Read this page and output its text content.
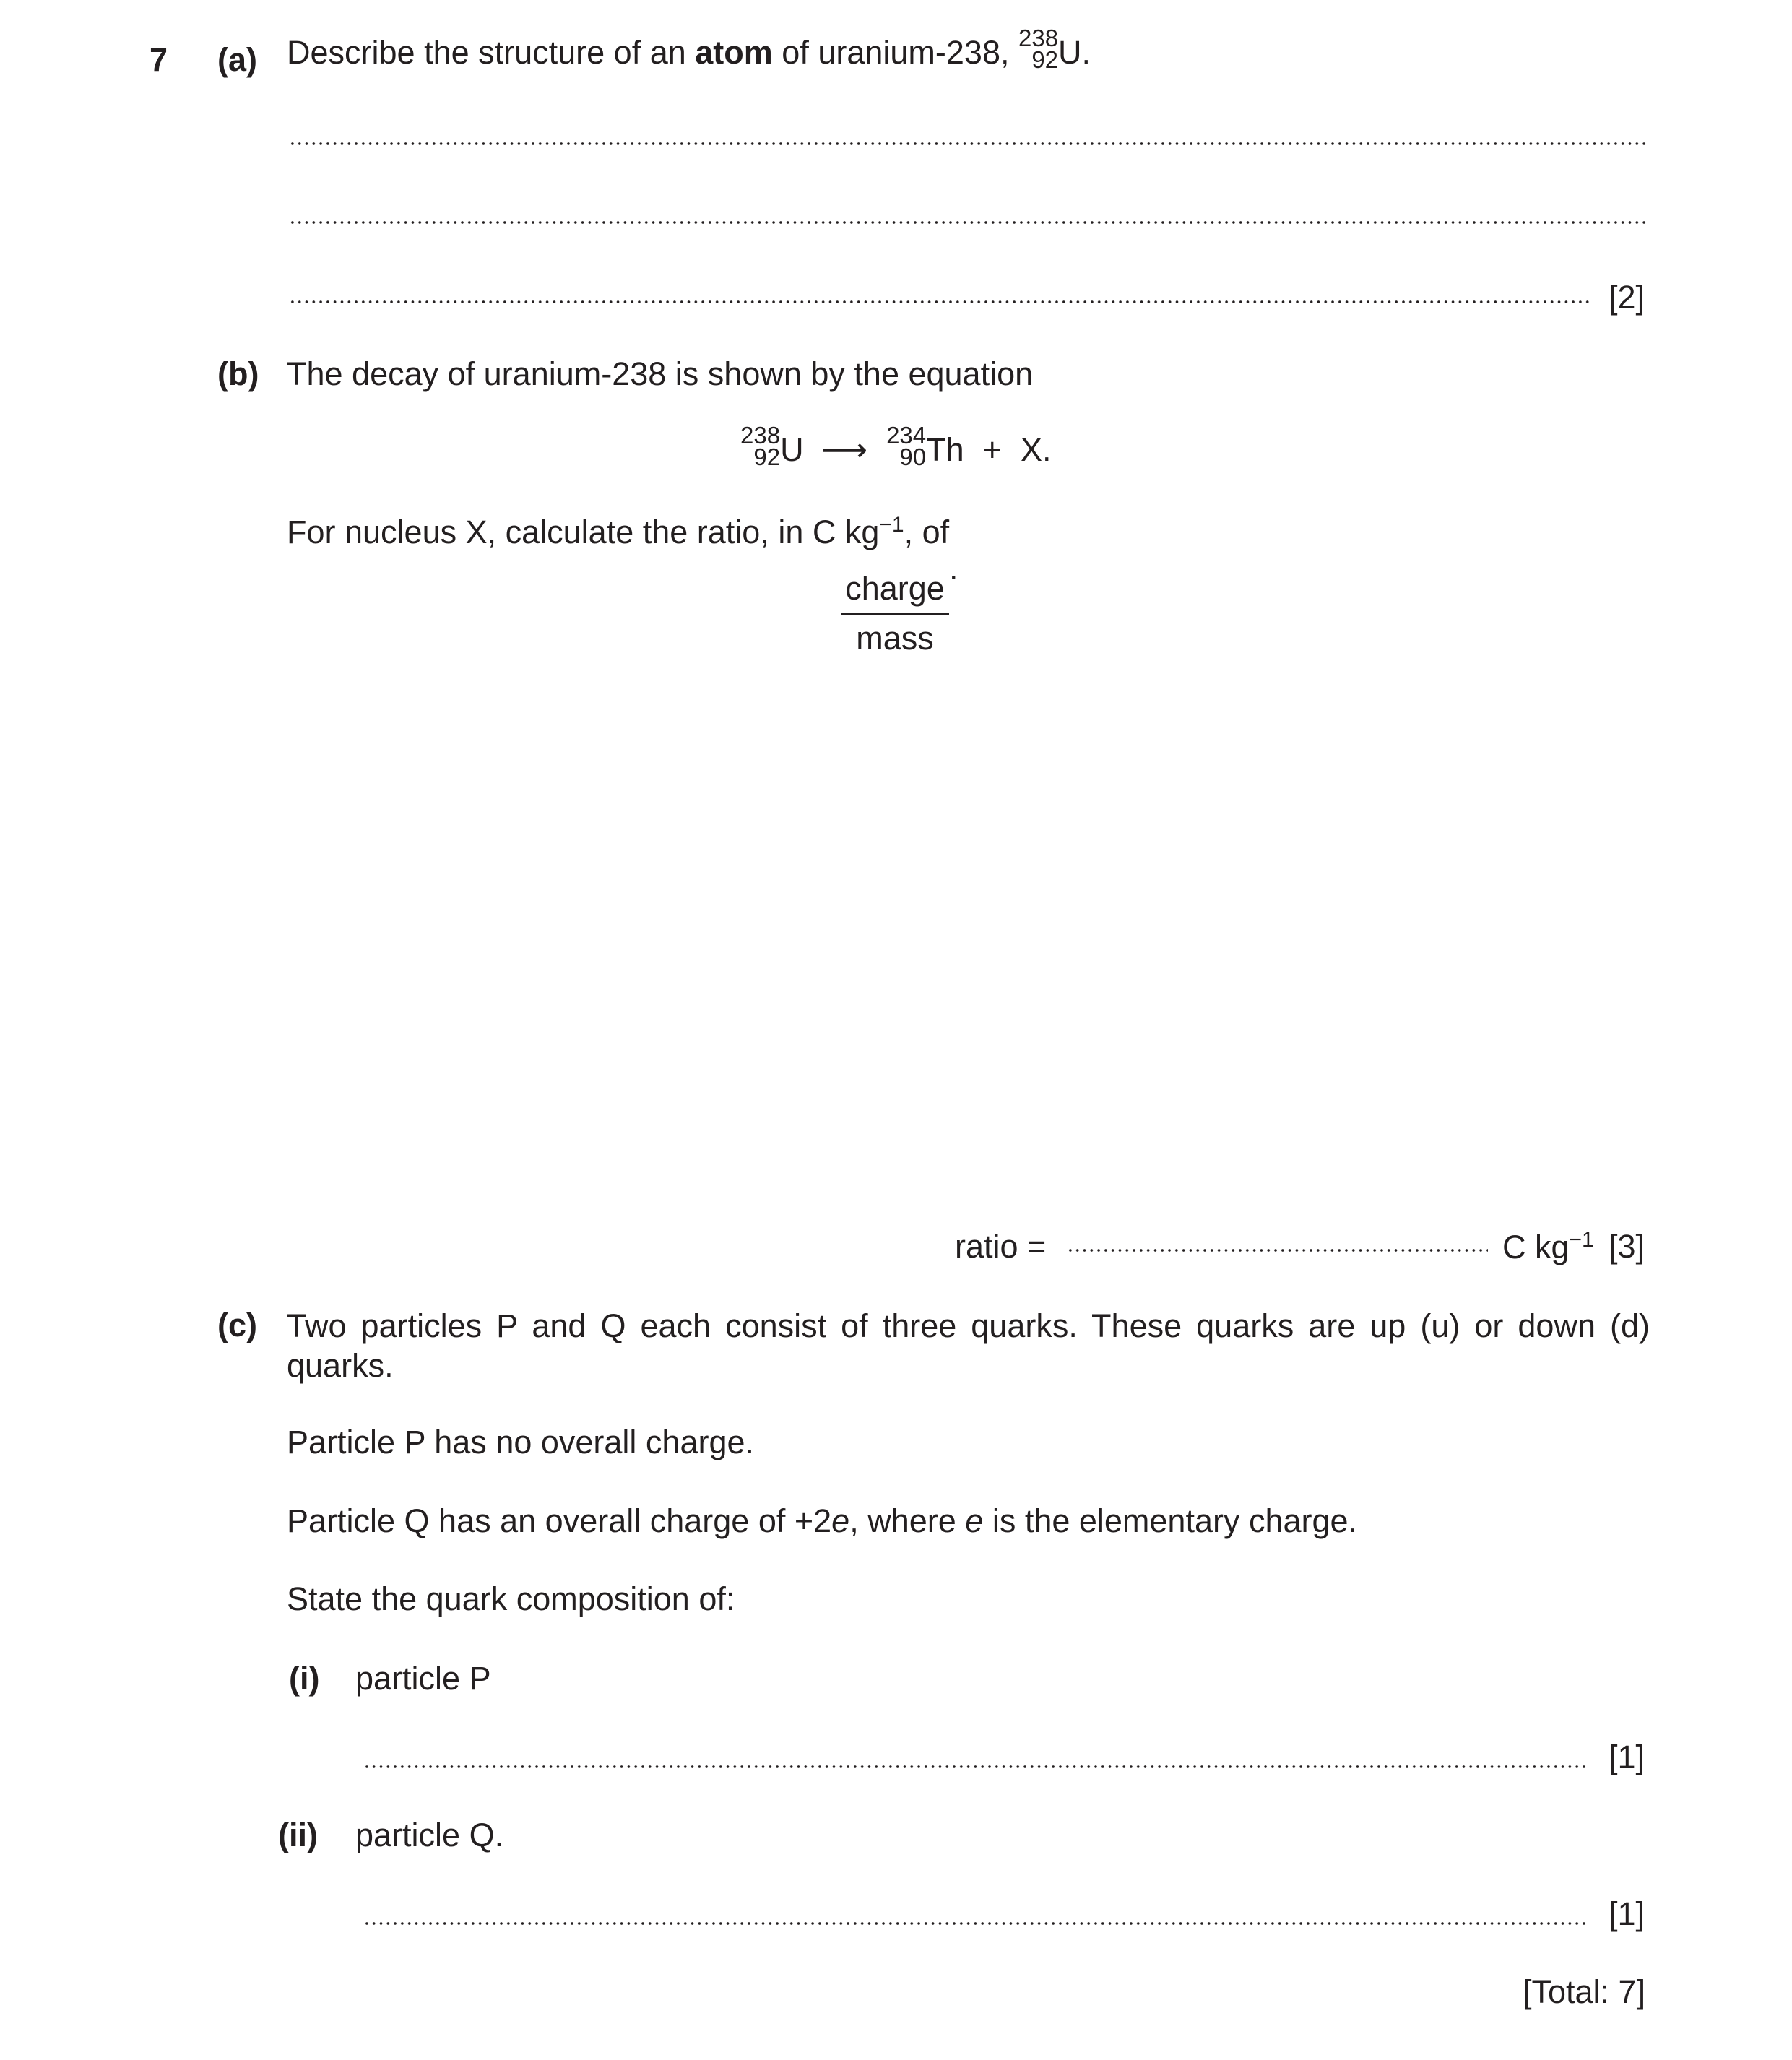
7 (a) Describe the structure of an atom of uranium-238, 238
92 U .
[2]
(b) The decay of uranium-238 is shown by the equation
238
92 U ⟶ 234
90 Th + X.
For nucleus X, calculate the ratio, in C $kg^{-1}$, of
$\frac{\text{charge}}{\text{mass}}$
.
ratio =	C $kg^{-1}$ [3]
(c) Two particles P and Q each consist of three quarks. These quarks are up (u) or down (d) quarks.
Particle P has no overall charge.
Particle Q has an overall charge of +2e, where e is the elementary charge.
State the quark composition of:
(i) particle P
[1]
(ii) particle Q.
[1]
[Total: 7]
